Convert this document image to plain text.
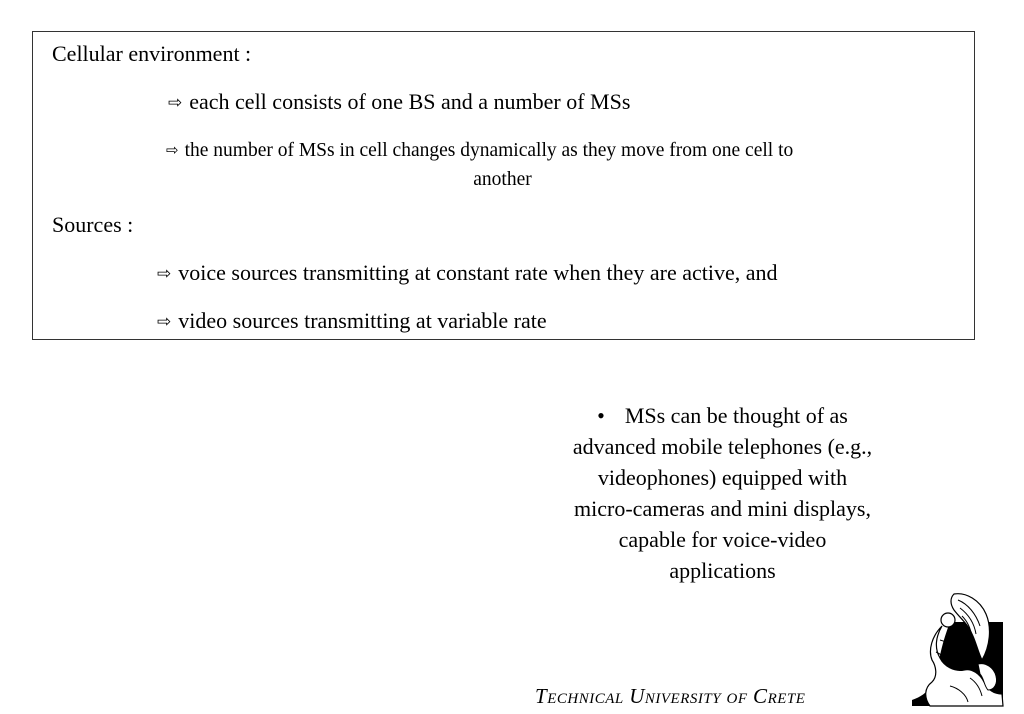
Cellular environment :
⇨ each cell consists of one BS and a number of MSs
⇨ the number of MSs in cell changes dynamically as they move from one cell to
another
Sources :
⇨ voice sources transmitting at constant rate when they are active, and
⇨ video sources transmitting at variable rate
• MSs can be thought of as
advanced mobile telephones (e.g.,
videophones) equipped with
micro-cameras and mini displays,
capable for voice-video
applications
TECHNICAL UNIVERSITY OF CRETE
